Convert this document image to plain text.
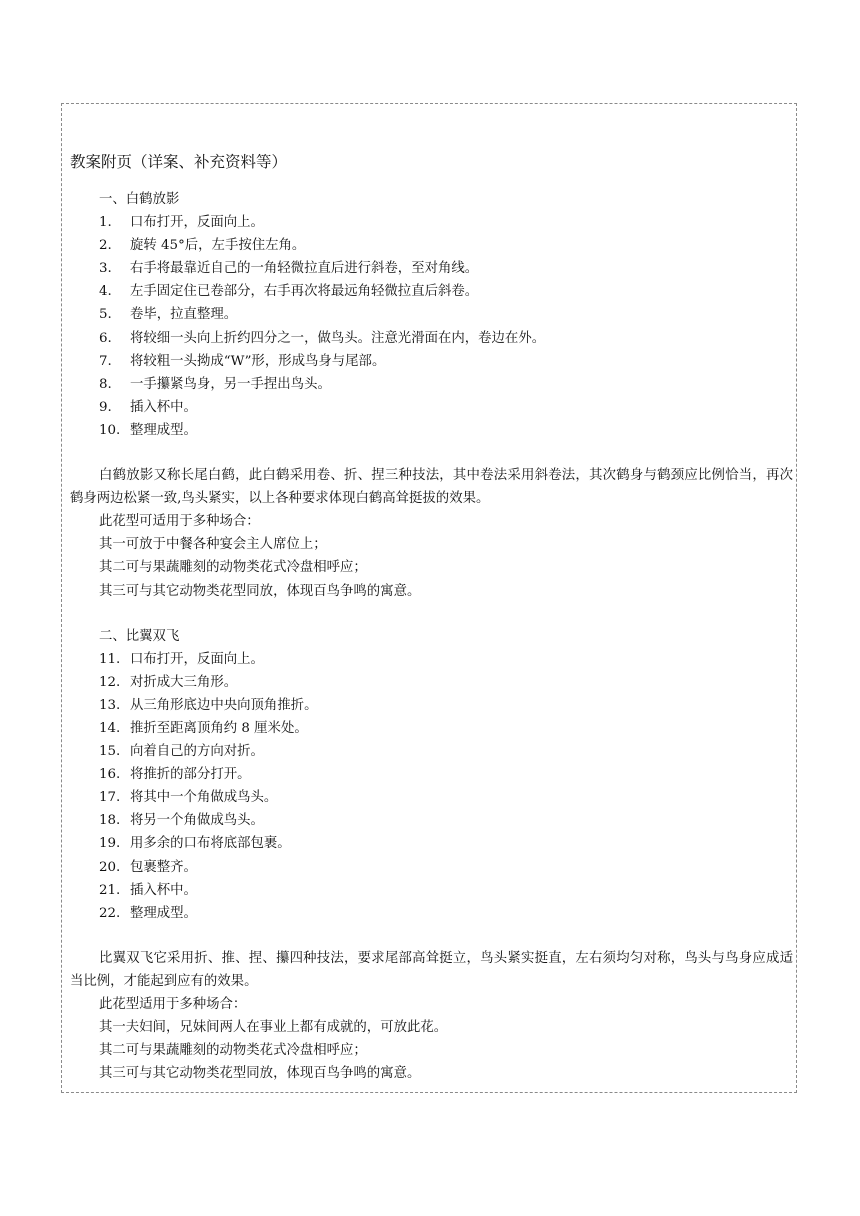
教案附页（详案、补充资料等）
一、白鹤放影
1.	口布打开，反面向上。
2.	旋转 45°后，左手按住左角。
3.	右手将最靠近自己的一角轻微拉直后进行斜卷，至对角线。
4.	左手固定住已卷部分，右手再次将最远角轻微拉直后斜卷。
5.	卷毕，拉直整理。
6.	将较细一头向上折约四分之一，做鸟头。注意光滑面在内，卷边在外。
7.	将较粗一头拗成“W”形，形成鸟身与尾部。
8.	一手攥紧鸟身，另一手捏出鸟头。
9.	插入杯中。
10. 整理成型。
白鹤放影又称长尾白鹤，此白鹤采用卷、折、捏三种技法，其中卷法采用斜卷法，其次鹤身与鹤颈应比例恰当，再次鹤身两边松紧一致,鸟头紧实，以上各种要求体现白鹤高耸挺拔的效果。
此花型可适用于多种场合：
其一可放于中餐各种宴会主人席位上；
其二可与果蔬雕刻的动物类花式冷盘相呼应；
其三可与其它动物类花型同放，体现百鸟争鸣的寓意。
二、比翼双飞
11. 口布打开，反面向上。
12. 对折成大三角形。
13. 从三角形底边中央向顶角推折。
14. 推折至距离顶角约 8 厘米处。
15. 向着自己的方向对折。
16. 将推折的部分打开。
17. 将其中一个角做成鸟头。
18. 将另一个角做成鸟头。
19. 用多余的口布将底部包裹。
20. 包裹整齐。
21. 插入杯中。
22. 整理成型。
比翼双飞它采用折、推、捏、攥四种技法，要求尾部高耸挺立，鸟头紧实挺直，左右须均匀对称，鸟头与鸟身应成适当比例，才能起到应有的效果。
此花型适用于多种场合：
其一夫妇间，兄妹间两人在事业上都有成就的，可放此花。
其二可与果蔬雕刻的动物类花式冷盘相呼应；
其三可与其它动物类花型同放，体现百鸟争鸣的寓意。
